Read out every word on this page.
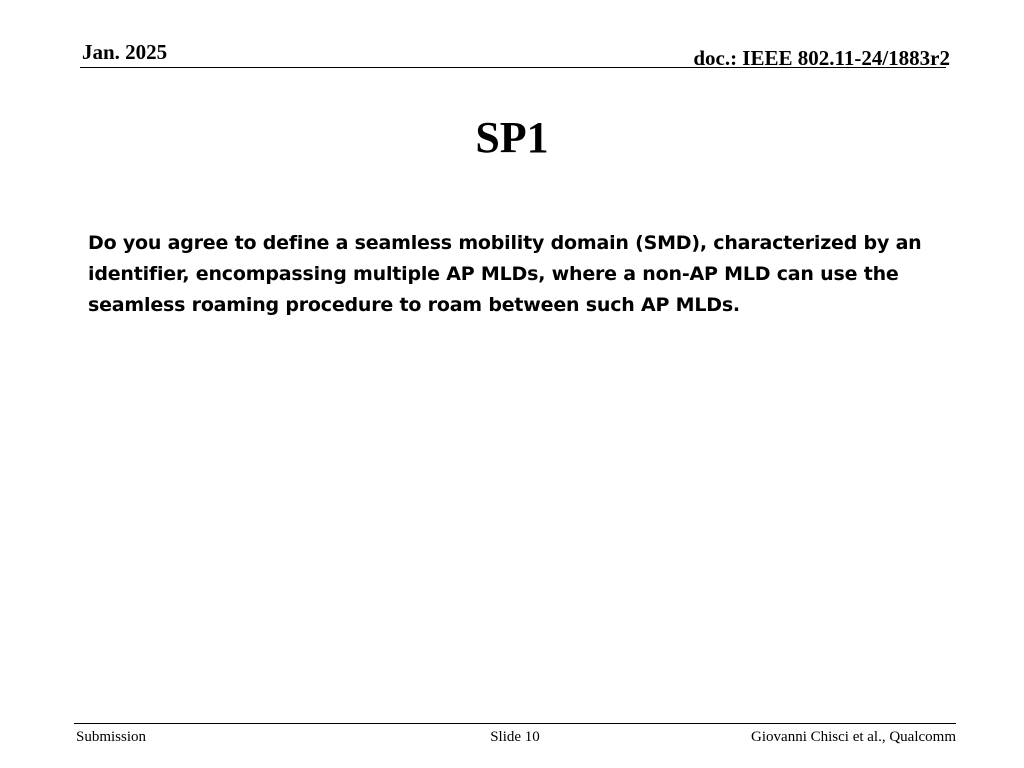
Jan. 2025	doc.: IEEE 802.11-24/1883r2
SP1
Do you agree to define a seamless mobility domain (SMD), characterized by an identifier, encompassing multiple AP MLDs, where a non-AP MLD can use the seamless roaming procedure to roam between such AP MLDs.
Submission	Slide 10	Giovanni Chisci et al., Qualcomm
